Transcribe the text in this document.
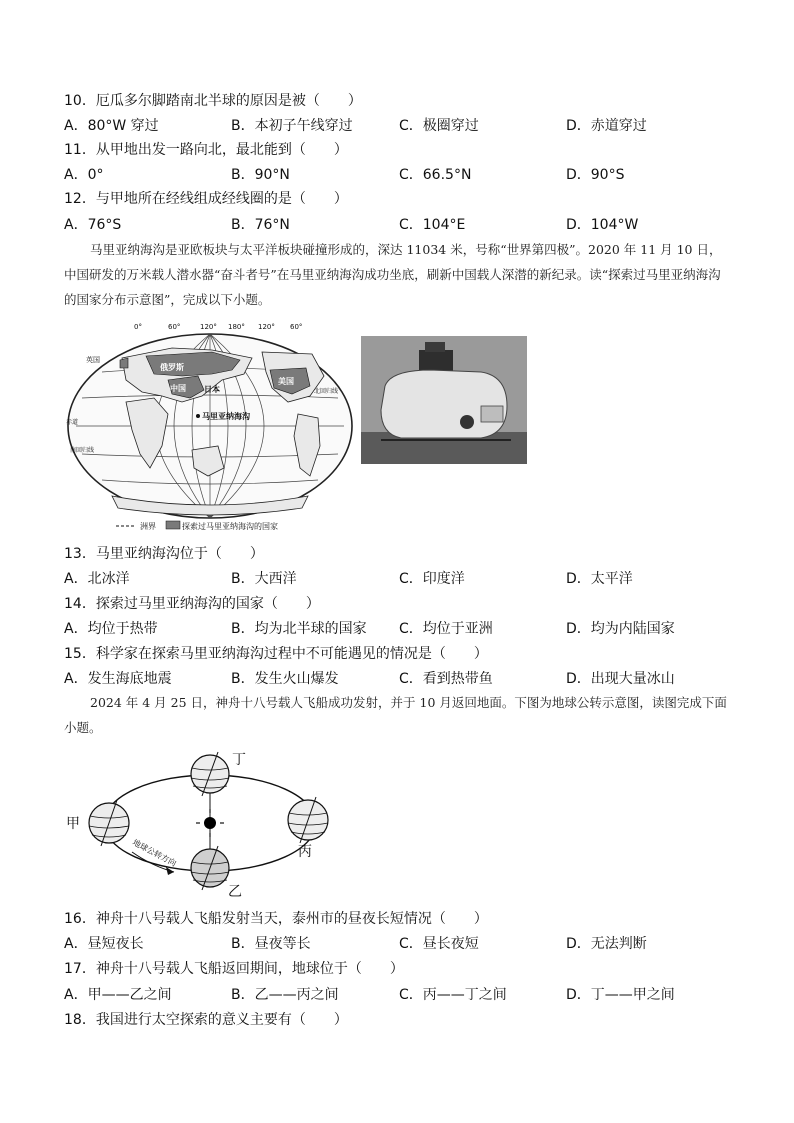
10．厄瓜多尔脚踏南北半球的原因是被（　　）
A．80°W 穿过	B．本初子午线穿过	C．极圈穿过	D．赤道穿过
11．从甲地出发一路向北，最北能到（　　）
A．0°	B．90°N	C．66.5°N	D．90°S
12．与甲地所在经线组成经线圈的是（　　）
A．76°S	B．76°N	C．104°E	D．104°W
马里亚纳海沟是亚欧板块与太平洋板块碰撞形成的，深达 11034 米，号称“世界第四极”。2020 年 11 月 10 日，中国研发的万米载人潜水器“奋斗者号”在马里亚纳海沟成功坐底，刷新中国载人深潜的新纪录。读“探索过马里亚纳海沟的国家分布示意图”，完成以下小题。
0°	60°	120° 180° 120° 60°
俄罗斯
中国 日本
美国
英国
北回归线
赤道
南回归线
马里亚纳海沟
洲界	探索过马里亚纳海沟的国家
13．马里亚纳海沟位于（　　）
A．北冰洋	B．大西洋	C．印度洋	D．太平洋
14．探索过马里亚纳海沟的国家（　　）
A．均位于热带	B．均为北半球的国家 C．均位于亚洲	D．均为内陆国家
15．科学家在探索马里亚纳海沟过程中不可能遇见的情况是（　　）
A．发生海底地震	B．发生火山爆发	C．看到热带鱼	D．出现大量冰山
2024 年 4 月 25 日，神舟十八号载人飞船成功发射，并于 10 月返回地面。下图为地球公转示意图，读图完成下面小题。
地球公转方向
甲
乙
丙
丁
16．神舟十八号载人飞船发射当天，泰州市的昼夜长短情况（　　）
A．昼短夜长	B．昼夜等长	C．昼长夜短	D．无法判断
17．神舟十八号载人飞船返回期间，地球位于（　　）
A．甲——乙之间	B．乙——丙之间	C．丙——丁之间	D．丁——甲之间
18．我国进行太空探索的意义主要有（　　）
